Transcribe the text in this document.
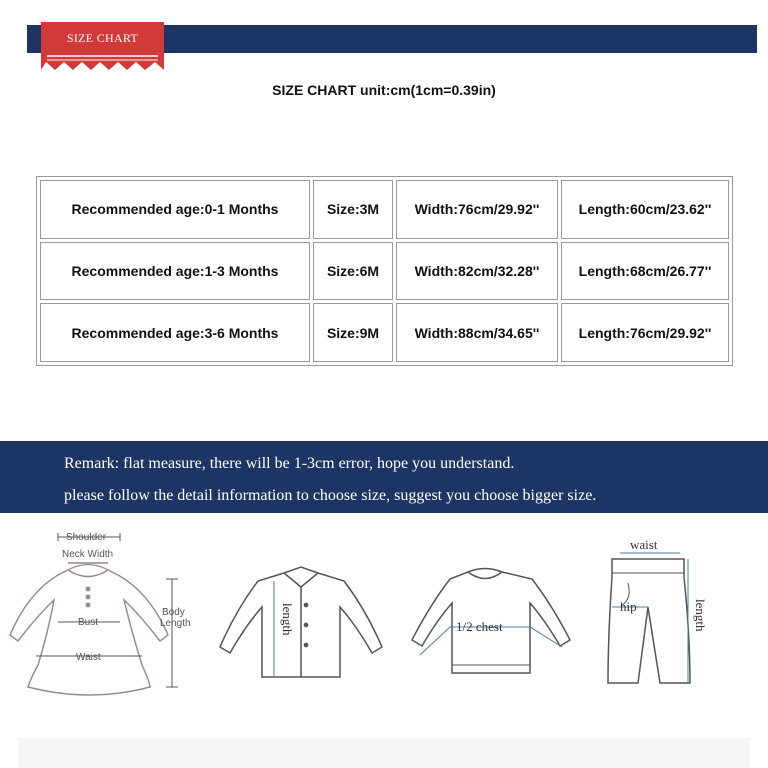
SIZE CHART
SIZE CHART unit:cm(1cm=0.39in)
Recommended age:0-1 Months	Size:3M	Width:76cm/29.92''	Length:60cm/23.62''
Recommended age:1-3 Months	Size:6M	Width:82cm/32.28''	Length:68cm/26.77''
Recommended age:3-6 Months	Size:9M	Width:88cm/34.65''	Length:76cm/29.92''
Remark: flat measure, there will be 1-3cm error, hope you understand.
please follow the detail information to choose size, suggest you choose bigger size.
Shoulder
Neck Width
Bust
Waist
Body
Length	length	1/2 chest
waist
hip	length
